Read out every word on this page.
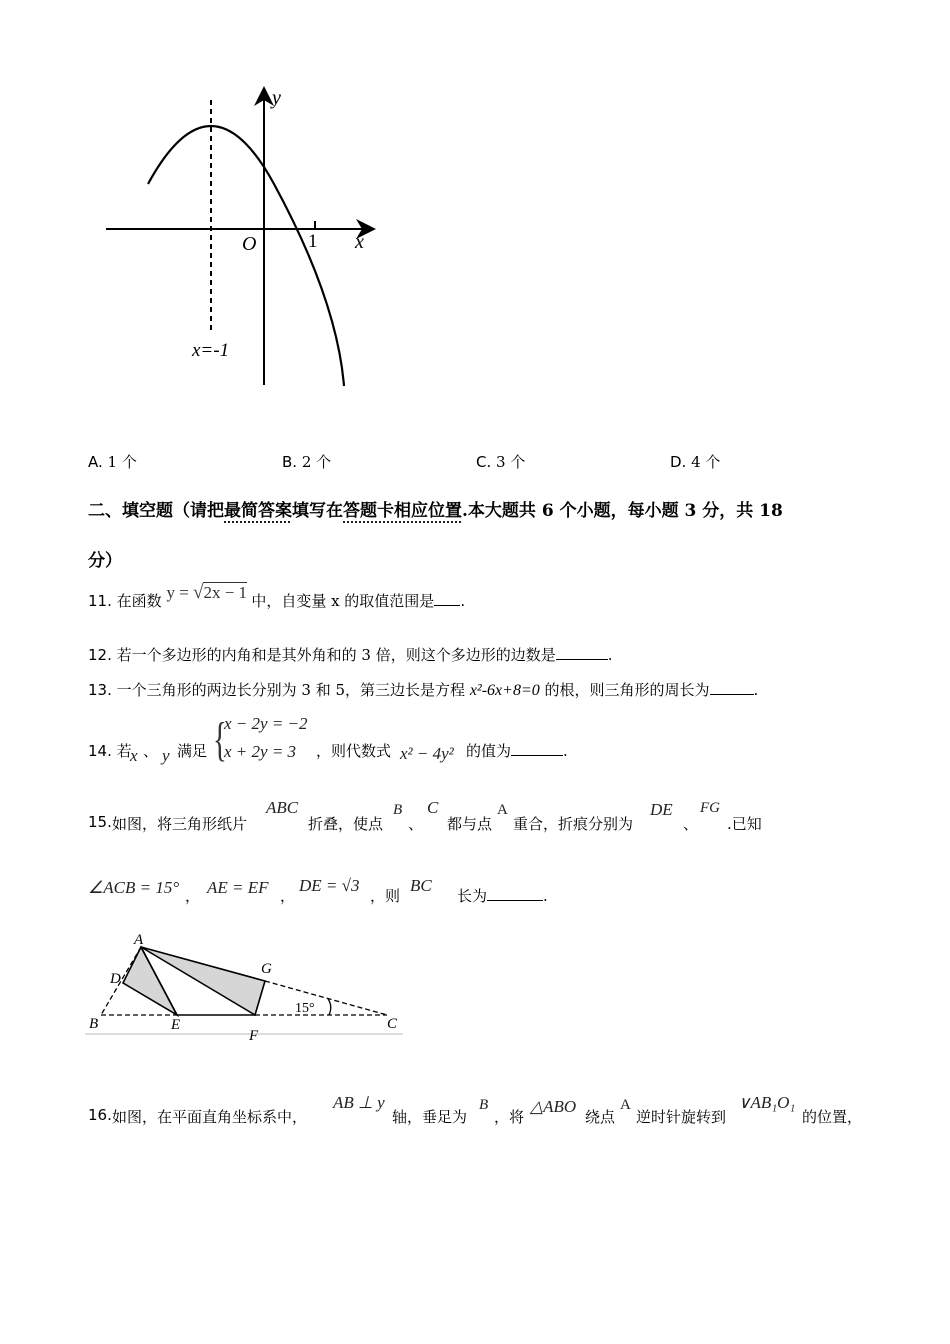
y
x
O	1
x=-1
A. 1 个	B. 2 个	C. 3 个	D. 4 个
二、填空题（请把最简答案填写在答题卡相应位置.本大题共 6 个小题，每小题 3 分，共 18
分）
11. 在函数 y = √2x − 1 中，自变量 x 的取值范围是 .
12. 若一个多边形的内角和是其外角和的 3 倍，则这个多边形的边数是	.
13. 一个三角形的两边长分别为 3 和 5，第三边长是方程 x²-6x+8=0 的根，则三角形的周长为	.
14. 若
x 、 y 满足 {
x − 2y = −2
x + 2y = 3 ，则代数式 x² − 4y² 的值为	.
15. 如图，将三角形纸片
ABC
折叠，使点
B
、
C
都与点
A
重合，折痕分别为
DE
、
FG
.已知
∠ACB = 15° ， AE = EF ，
DE = √3
，则
BC
长为	.
A
D
G
B	E
F
C
15°
16. 如图，在平面直角坐标系中，
AB ⊥ y
轴，垂足为
B
，将
△ABO
绕点
A
逆时针旋转到
∨AB₁O₁
的位置，
